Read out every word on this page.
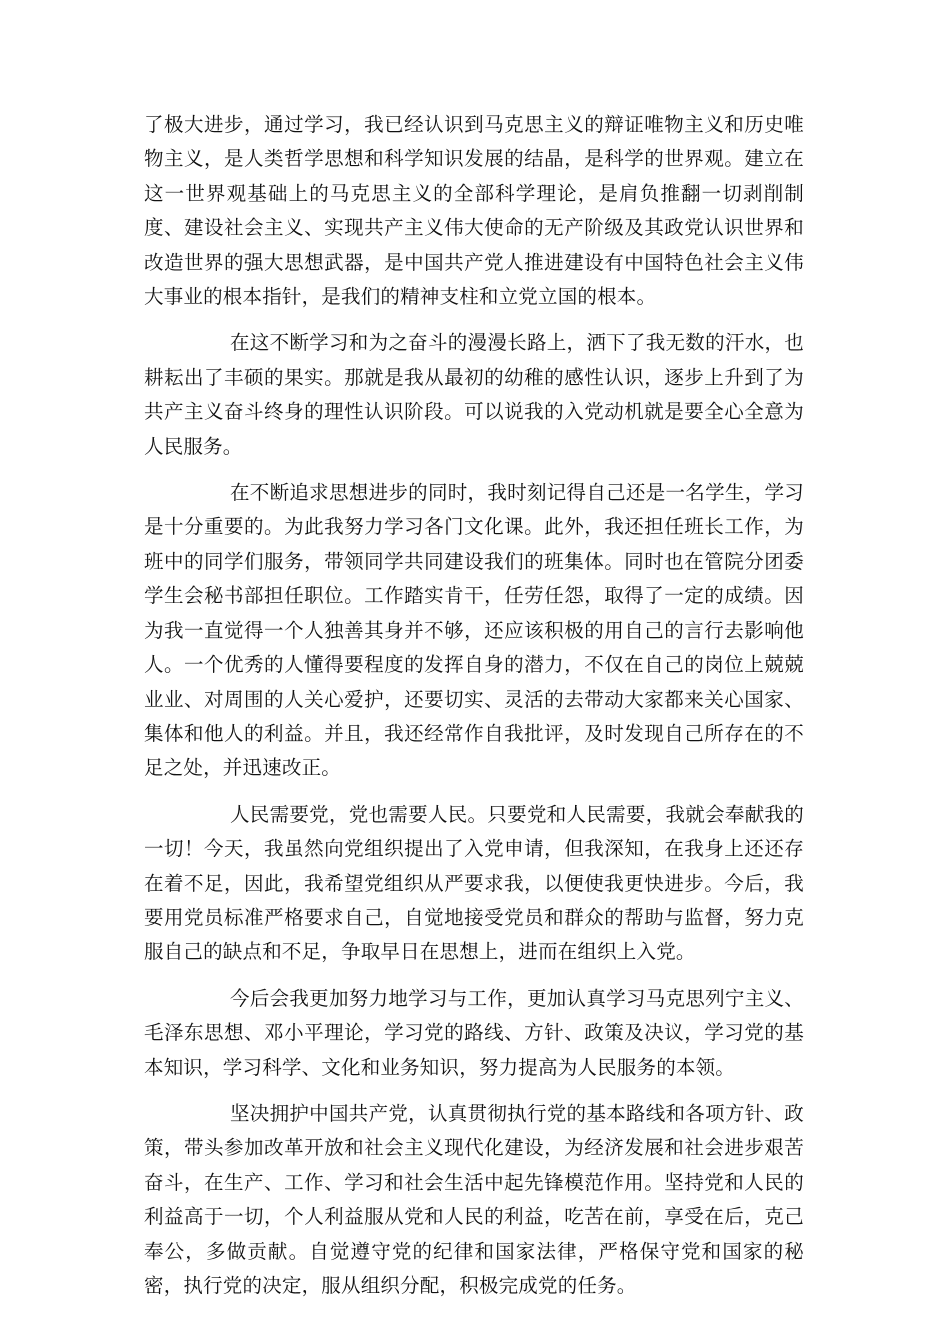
了极大进步，通过学习，我已经认识到马克思主义的辩证唯物主义和历史唯物主义，是人类哲学思想和科学知识发展的结晶，是科学的世界观。建立在这一世界观基础上的马克思主义的全部科学理论，是肩负推翻一切剥削制度、建设社会主义、实现共产主义伟大使命的无产阶级及其政党认识世界和改造世界的强大思想武器，是中国共产党人推进建设有中国特色社会主义伟大事业的根本指针，是我们的精神支柱和立党立国的根本。

在这不断学习和为之奋斗的漫漫长路上，洒下了我无数的汗水，也耕耘出了丰硕的果实。那就是我从最初的幼稚的感性认识，逐步上升到了为共产主义奋斗终身的理性认识阶段。可以说我的入党动机就是要全心全意为人民服务。

在不断追求思想进步的同时，我时刻记得自己还是一名学生，学习是十分重要的。为此我努力学习各门文化课。此外，我还担任班长工作，为班中的同学们服务，带领同学共同建设我们的班集体。同时也在管院分团委学生会秘书部担任职位。工作踏实肯干，任劳任怨，取得了一定的成绩。因为我一直觉得一个人独善其身并不够，还应该积极的用自己的言行去影响他人。一个优秀的人懂得要程度的发挥自身的潜力，不仅在自己的岗位上兢兢业业、对周围的人关心爱护，还要切实、灵活的去带动大家都来关心国家、集体和他人的利益。并且，我还经常作自我批评，及时发现自己所存在的不足之处，并迅速改正。

人民需要党，党也需要人民。只要党和人民需要，我就会奉献我的一切！今天，我虽然向党组织提出了入党申请，但我深知，在我身上还还存在着不足，因此，我希望党组织从严要求我，以便使我更快进步。今后，我要用党员标准严格要求自己，自觉地接受党员和群众的帮助与监督，努力克服自己的缺点和不足，争取早日在思想上，进而在组织上入党。

今后会我更加努力地学习与工作，更加认真学习马克思列宁主义、毛泽东思想、邓小平理论，学习党的路线、方针、政策及决议，学习党的基本知识，学习科学、文化和业务知识，努力提高为人民服务的本领。

坚决拥护中国共产党，认真贯彻执行党的基本路线和各项方针、政策，带头参加改革开放和社会主义现代化建设，为经济发展和社会进步艰苦奋斗，在生产、工作、学习和社会生活中起先锋模范作用。坚持党和人民的利益高于一切，个人利益服从党和人民的利益，吃苦在前，享受在后，克己奉公，多做贡献。自觉遵守党的纪律和国家法律，严格保守党和国家的秘密，执行党的决定，服从组织分配，积极完成党的任务。
